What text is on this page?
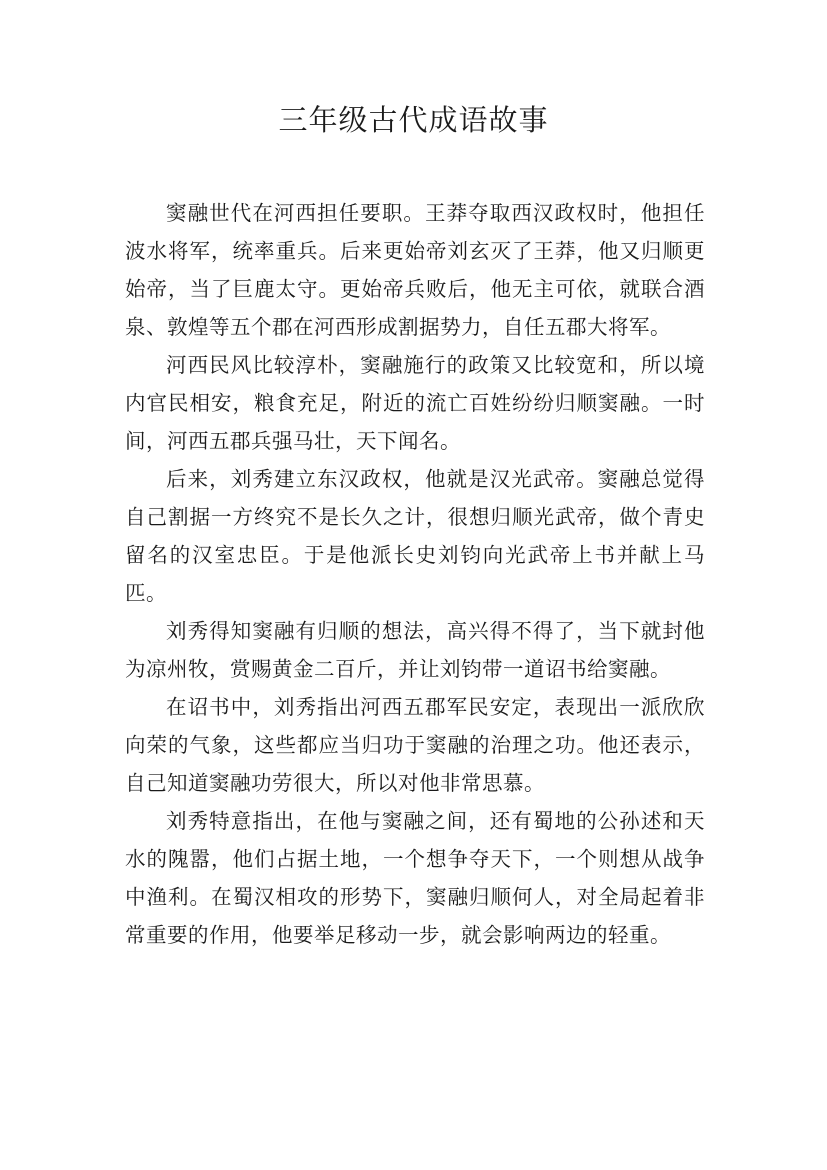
三年级古代成语故事

窦融世代在河西担任要职。王莽夺取西汉政权时，他担任波水将军，统率重兵。后来更始帝刘玄灭了王莽，他又归顺更始帝，当了巨鹿太守。更始帝兵败后，他无主可依，就联合酒泉、敦煌等五个郡在河西形成割据势力，自任五郡大将军。

河西民风比较淳朴，窦融施行的政策又比较宽和，所以境内官民相安，粮食充足，附近的流亡百姓纷纷归顺窦融。一时间，河西五郡兵强马壮，天下闻名。

后来，刘秀建立东汉政权，他就是汉光武帝。窦融总觉得自己割据一方终究不是长久之计，很想归顺光武帝，做个青史留名的汉室忠臣。于是他派长史刘钧向光武帝上书并献上马匹。

刘秀得知窦融有归顺的想法，高兴得不得了，当下就封他为凉州牧，赏赐黄金二百斤，并让刘钧带一道诏书给窦融。

在诏书中，刘秀指出河西五郡军民安定，表现出一派欣欣向荣的气象，这些都应当归功于窦融的治理之功。他还表示，自己知道窦融功劳很大，所以对他非常思慕。

刘秀特意指出，在他与窦融之间，还有蜀地的公孙述和天水的隗嚣，他们占据土地，一个想争夺天下，一个则想从战争中渔利。在蜀汉相攻的形势下，窦融归顺何人，对全局起着非常重要的作用，他要举足移动一步，就会影响两边的轻重。
